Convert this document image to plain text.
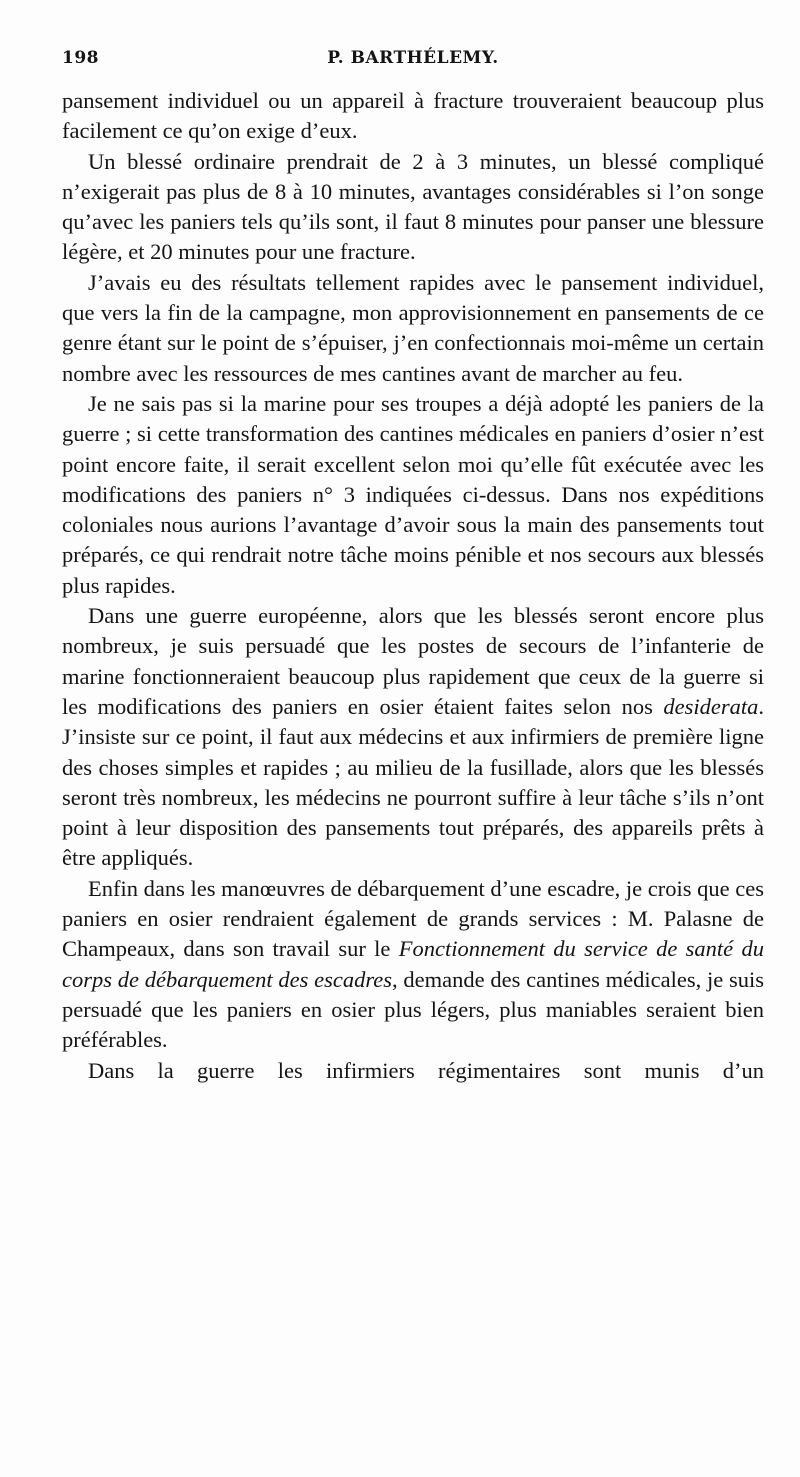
198	P. BARTHÉLEMY.

pansement individuel ou un appareil à fracture trouveraient beaucoup plus facilement ce qu’on exige d’eux.

Un blessé ordinaire prendrait de 2 à 3 minutes, un blessé compliqué n’exigerait pas plus de 8 à 10 minutes, avantages considérables si l’on songe qu’avec les paniers tels qu’ils sont, il faut 8 minutes pour panser une blessure légère, et 20 minutes pour une fracture.

J’avais eu des résultats tellement rapides avec le pansement individuel, que vers la fin de la campagne, mon approvisionnement en pansements de ce genre étant sur le point de s’épuiser, j’en confectionnais moi-même un certain nombre avec les ressources de mes cantines avant de marcher au feu.

Je ne sais pas si la marine pour ses troupes a déjà adopté les paniers de la guerre ; si cette transformation des cantines médicales en paniers d’osier n’est point encore faite, il serait excellent selon moi qu’elle fût exécutée avec les modifications des paniers n° 3 indiquées ci-dessus. Dans nos expéditions coloniales nous aurions l’avantage d’avoir sous la main des pansements tout préparés, ce qui rendrait notre tâche moins pénible et nos secours aux blessés plus rapides.

Dans une guerre européenne, alors que les blessés seront encore plus nombreux, je suis persuadé que les postes de secours de l’infanterie de marine fonctionneraient beaucoup plus rapidement que ceux de la guerre si les modifications des paniers en osier étaient faites selon nos desiderata. J’insiste sur ce point, il faut aux médecins et aux infirmiers de première ligne des choses simples et rapides ; au milieu de la fusillade, alors que les blessés seront très nombreux, les médecins ne pourront suffire à leur tâche s’ils n’ont point à leur disposition des pansements tout préparés, des appareils prêts à être appliqués.

Enfin dans les manœuvres de débarquement d’une escadre, je crois que ces paniers en osier rendraient également de grands services : M. Palasne de Champeaux, dans son travail sur le Fonctionnement du service de santé du corps de débarquement des escadres, demande des cantines médicales, je suis persuadé que les paniers en osier plus légers, plus maniables seraient bien préférables.

Dans la guerre les infirmiers régimentaires sont munis d’un
